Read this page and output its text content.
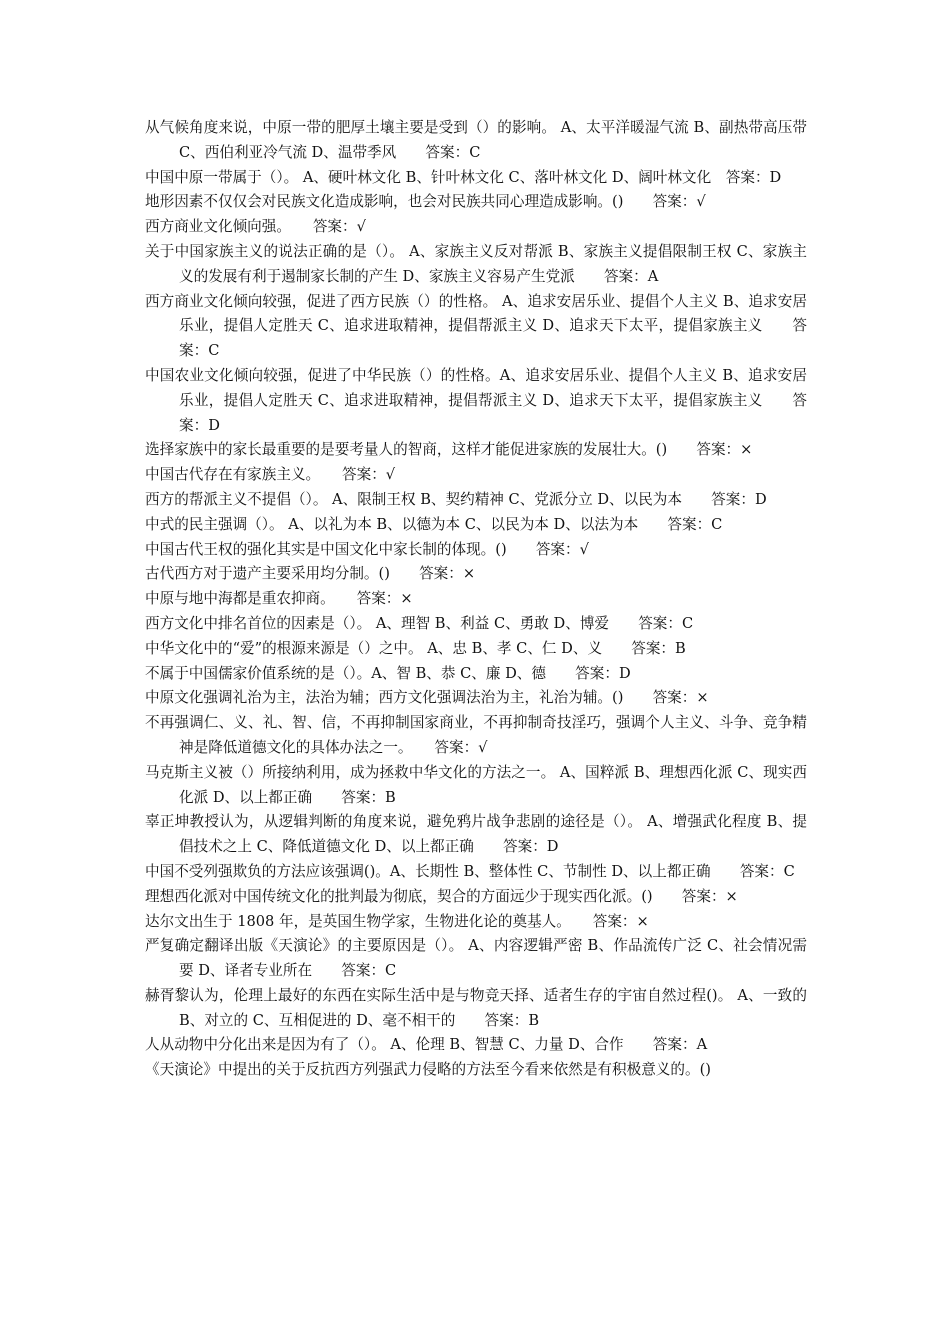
从气候角度来说，中原一带的肥厚土壤主要是受到（）的影响。 A、太平洋暖湿气流 B、副热带高压带 C、西伯利亚冷气流 D、温带季风　　答案：C

中国中原一带属于（）。 A、硬叶林文化 B、针叶林文化 C、落叶林文化 D、阔叶林文化　答案：D

地形因素不仅仅会对民族文化造成影响，也会对民族共同心理造成影响。()　　答案：√

西方商业文化倾向强。　　答案：√

关于中国家族主义的说法正确的是（）。 A、家族主义反对帮派 B、家族主义提倡限制王权 C、家族主义的发展有利于遏制家长制的产生 D、家族主义容易产生党派　　答案：A

西方商业文化倾向较强，促进了西方民族（）的性格。 A、追求安居乐业、提倡个人主义 B、追求安居乐业，提倡人定胜天 C、追求进取精神，提倡帮派主义 D、追求天下太平，提倡家族主义　　答案：C

中国农业文化倾向较强，促进了中华民族（）的性格。A、追求安居乐业、提倡个人主义 B、追求安居乐业，提倡人定胜天 C、追求进取精神，提倡帮派主义 D、追求天下太平，提倡家族主义　　答案：D

选择家族中的家长最重要的是要考量人的智商，这样才能促进家族的发展壮大。()　　答案：×

中国古代存在有家族主义。　　答案：√

西方的帮派主义不提倡（）。 A、限制王权 B、契约精神 C、党派分立 D、以民为本　　答案：D

中式的民主强调（）。 A、以礼为本 B、以德为本 C、以民为本 D、以法为本　　答案：C

中国古代王权的强化其实是中国文化中家长制的体现。()　　答案：√

古代西方对于遗产主要采用均分制。()　　答案：×

中原与地中海都是重农抑商。　　答案：×

西方文化中排名首位的因素是（）。 A、理智 B、利益 C、勇敢 D、博爱　　答案：C

中华文化中的“爱”的根源来源是（）之中。 A、忠 B、孝 C、仁 D、义　　答案：B

不属于中国儒家价值系统的是（）。A、智 B、恭 C、廉 D、德　　答案：D

中原文化强调礼治为主，法治为辅；西方文化强调法治为主，礼治为辅。()　　答案：×

不再强调仁、义、礼、智、信，不再抑制国家商业，不再抑制奇技淫巧，强调个人主义、斗争、竞争精神是降低道德文化的具体办法之一。　　答案：√

马克斯主义被（）所接纳利用，成为拯救中华文化的方法之一。 A、国粹派 B、理想西化派 C、现实西化派 D、以上都正确　　答案：B

辜正坤教授认为，从逻辑判断的角度来说，避免鸦片战争悲剧的途径是（）。 A、增强武化程度 B、提倡技术之上 C、降低道德文化 D、以上都正确　　答案：D

中国不受列强欺负的方法应该强调()。A、长期性 B、整体性 C、节制性 D、以上都正确　　答案：C

理想西化派对中国传统文化的批判最为彻底，契合的方面远少于现实西化派。()　　答案：×

达尔文出生于 1808 年，是英国生物学家，生物进化论的奠基人。　　答案：×

严复确定翻译出版《天演论》的主要原因是（）。 A、内容逻辑严密 B、作品流传广泛 C、社会情况需要 D、译者专业所在　　答案：C

赫胥黎认为，伦理上最好的东西在实际生活中是与物竞天择、适者生存的宇宙自然过程()。 A、一致的 B、对立的 C、互相促进的 D、毫不相干的　　答案：B

人从动物中分化出来是因为有了（）。 A、伦理 B、智慧 C、力量 D、合作　　答案：A

《天演论》中提出的关于反抗西方列强武力侵略的方法至今看来依然是有积极意义的。()
